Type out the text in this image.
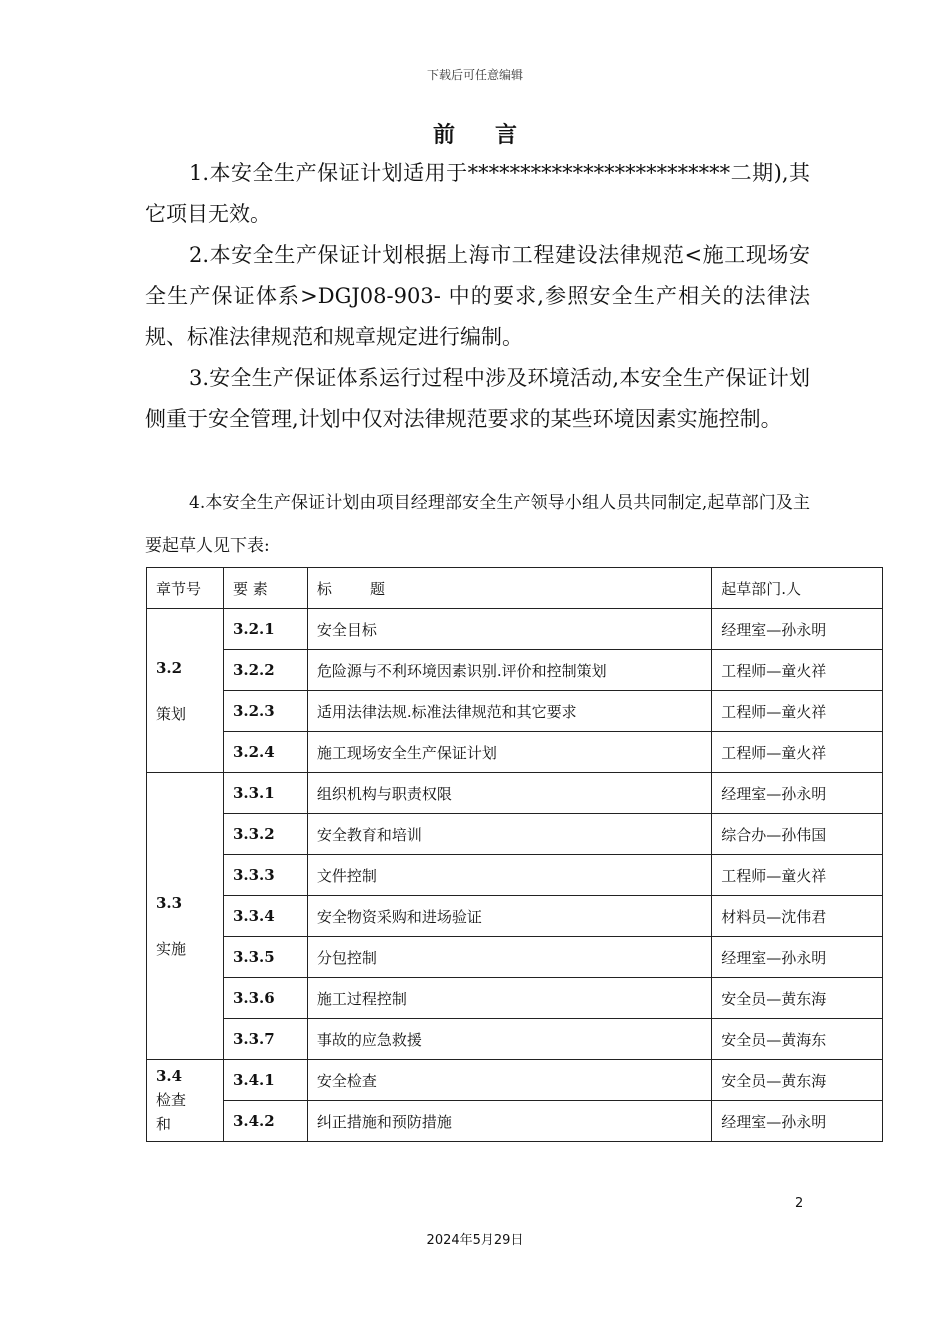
下载后可任意编辑
前言
1.本安全生产保证计划适用于*************************二期),其它项目无效。
2.本安全生产保证计划根据上海市工程建设法律规范<施工现场安全生产保证体系>DGJ08-903- 中的要求,参照安全生产相关的法律法规、标准法律规范和规章规定进行编制。
3.安全生产保证体系运行过程中涉及环境活动,本安全生产保证计划侧重于安全管理,计划中仅对法律规范要求的某些环境因素实施控制。
4.本安全生产保证计划由项目经理部安全生产领导小组人员共同制定,起草部门及主要起草人见下表:
章节号	要 素	标        题	起草部门.人

3.2
策划	3.2.1	安全目标	经理室—孙永明
	3.2.2	危险源与不利环境因素识别.评价和控制策划	工程师—童火祥
	3.2.3	适用法律法规.标准法律规范和其它要求	工程师—童火祥
	3.2.4	施工现场安全生产保证计划	工程师—童火祥

3.3
实施	3.3.1	组织机构与职责权限	经理室—孙永明
	3.3.2	安全教育和培训	综合办—孙伟国
	3.3.3	文件控制	工程师—童火祥
	3.3.4	安全物资采购和进场验证	材料员—沈伟君
	3.3.5	分包控制	经理室—孙永明
	3.3.6	施工过程控制	安全员—黄东海
	3.3.7	事故的应急救援	安全员—黄海东

3.4
检查和	3.4.1	安全检查	安全员—黄东海
	3.4.2	纠正措施和预防措施	经理室—孙永明
2
2024年5月29日
